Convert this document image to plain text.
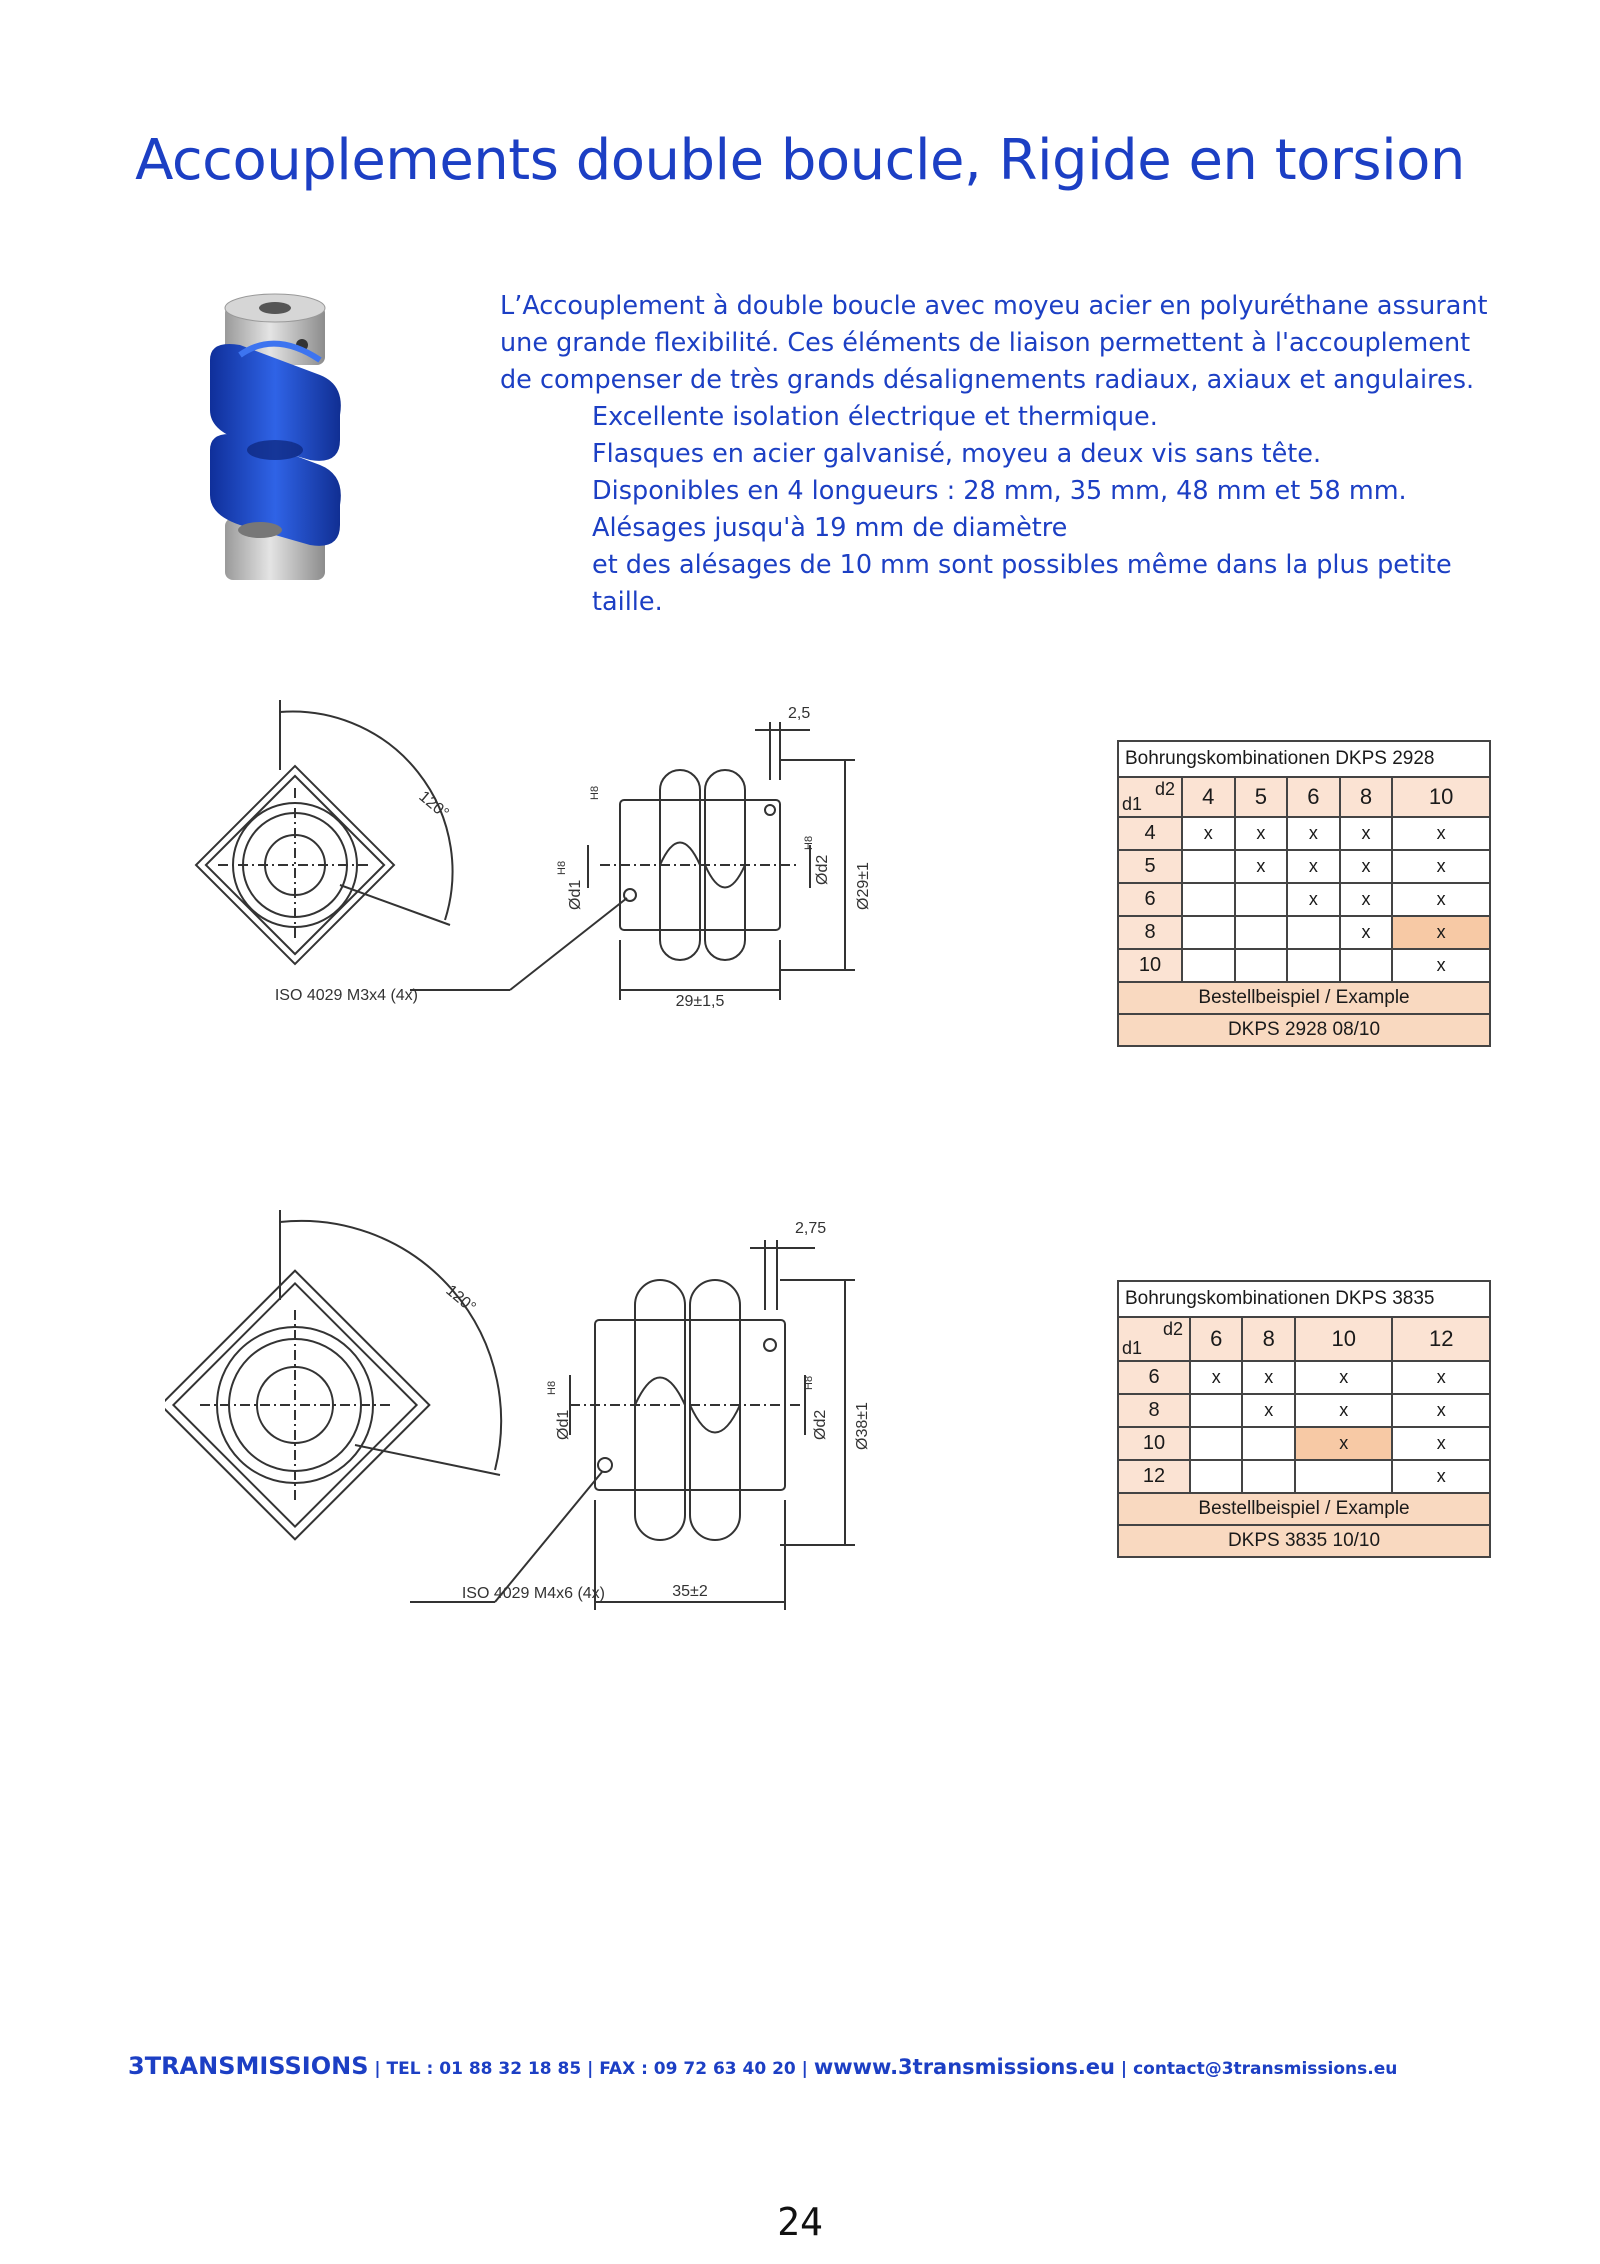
Accouplements double boucle, Rigide en torsion

L’Accouplement à double boucle avec moyeu acier en polyuréthane assurant une grande flexibilité. Ces éléments de liaison permettent à l'accouplement de compenser de très grands désalignements radiaux, axiaux et angulaires.

Excellente isolation électrique et thermique.
Flasques en acier galvanisé, moyeu a deux vis sans tête.
Disponibles en 4 longueurs : 28 mm, 35 mm, 48 mm et 58 mm.
Alésages jusqu'à 19 mm de diamètre
et des alésages de 10 mm sont possibles même dans la plus petite taille.
120°
2,5
ISO 4029 M3x4 (4x)	29±1,5
Ød1
H8	Ød2
H8
H8
Ø29±1
Bohrungskombinationen DKPS 2928					

d2
d1	4	5	6	8	10
4	x	x	x	x	x
5		x	x	x	x
6			x	x	x
8				x	x
10					x
Bestellbeispiel / Example					
DKPS 2928 08/10					
120°
2,75
ISO 4029 M4x6 (4x)	35±2
Ød1
H8
Ød2
H8
Ø38±1
Bohrungskombinationen DKPS 3835				

d2
d1	6	8	10	12
6	x	x	x	x
8		x	x	x
10			x	x
12				x
Bestellbeispiel / Example				
DKPS 3835 10/10				
3TRANSMISSIONS | TEL : 01 88 32 18 85 | FAX : 09 72 63 40 20 | wwww.3transmissions.eu | contact@3transmissions.eu
24
